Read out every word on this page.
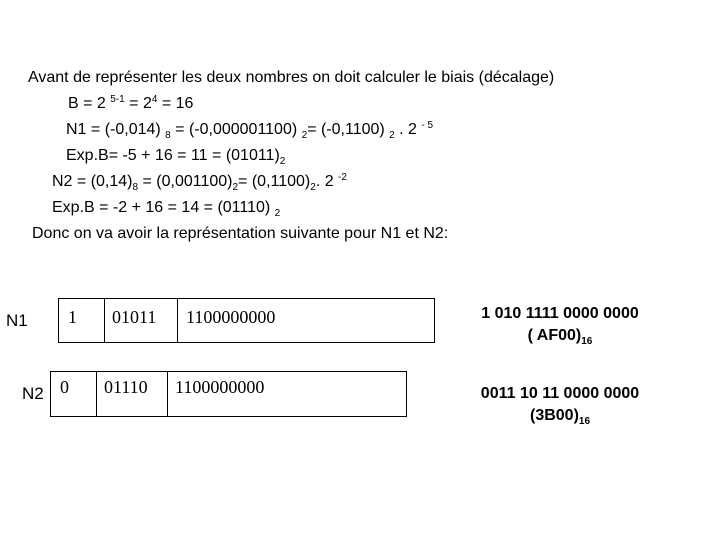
Avant de représenter les deux nombres on doit calculer le biais (décalage)
B = 2 $^{5-1} = 2^4 = 16$
N1 = (-0,014) $_8$ = (-0,000001100) $_2$= (-0,1100) $_2$ . 2 $^{- 5}$
$Exp.B= -5 + 16 = 11 = (01011)_2$
$N2 = (0,14)_8 = (0,001100)_2= (0,1100)_2$. 2 $^{-2}$
Exp.B = -2 + 16 = 14 = (01110) $_2$
Donc on va avoir la représentation suivante pour N1 et N2:
N1 1 01011 1100000000	1 010 1111 0000 0000
( $AF00)_{16}$
N2 0 01110 1100000000	0011 10 11 0000 0000
$(3B00)_{16}$
